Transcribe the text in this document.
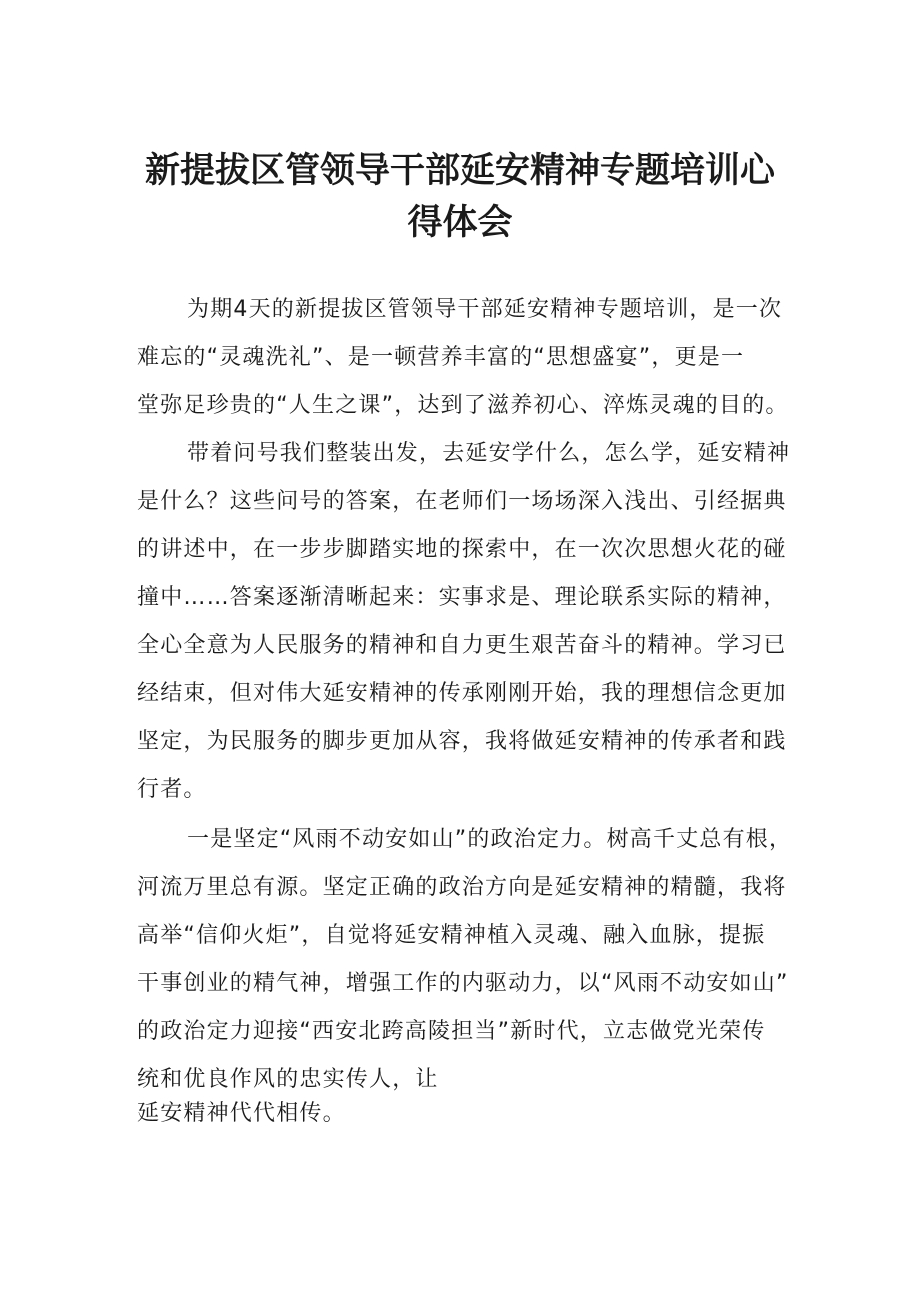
新提拔区管领导干部延安精神专题培训心
得体会
为期4天的新提拔区管领导干部延安精神专题培训，是一次
难忘的“灵魂洗礼”、是一顿营养丰富的“思想盛宴”，更是一
堂弥足珍贵的“人生之课”，达到了滋养初心、淬炼灵魂的目的。
带着问号我们整装出发，去延安学什么，怎么学，延安精神
是什么？这些问号的答案，在老师们一场场深入浅出、引经据典
的讲述中，在一步步脚踏实地的探索中，在一次次思想火花的碰
撞中……答案逐渐清晰起来：实事求是、理论联系实际的精神，
全心全意为人民服务的精神和自力更生艰苦奋斗的精神。学习已
经结束，但对伟大延安精神的传承刚刚开始，我的理想信念更加
坚定，为民服务的脚步更加从容，我将做延安精神的传承者和践
行者。
一是坚定“风雨不动安如山”的政治定力。树高千丈总有根，
河流万里总有源。坚定正确的政治方向是延安精神的精髓，我将
高举“信仰火炬”，自觉将延安精神植入灵魂、融入血脉，提振
干事创业的精气神，增强工作的内驱动力，以“风雨不动安如山”
的政治定力迎接“西安北跨高陵担当”新时代，立志做党光荣传
统和优良作风的忠实传人，让
延安精神代代相传。
